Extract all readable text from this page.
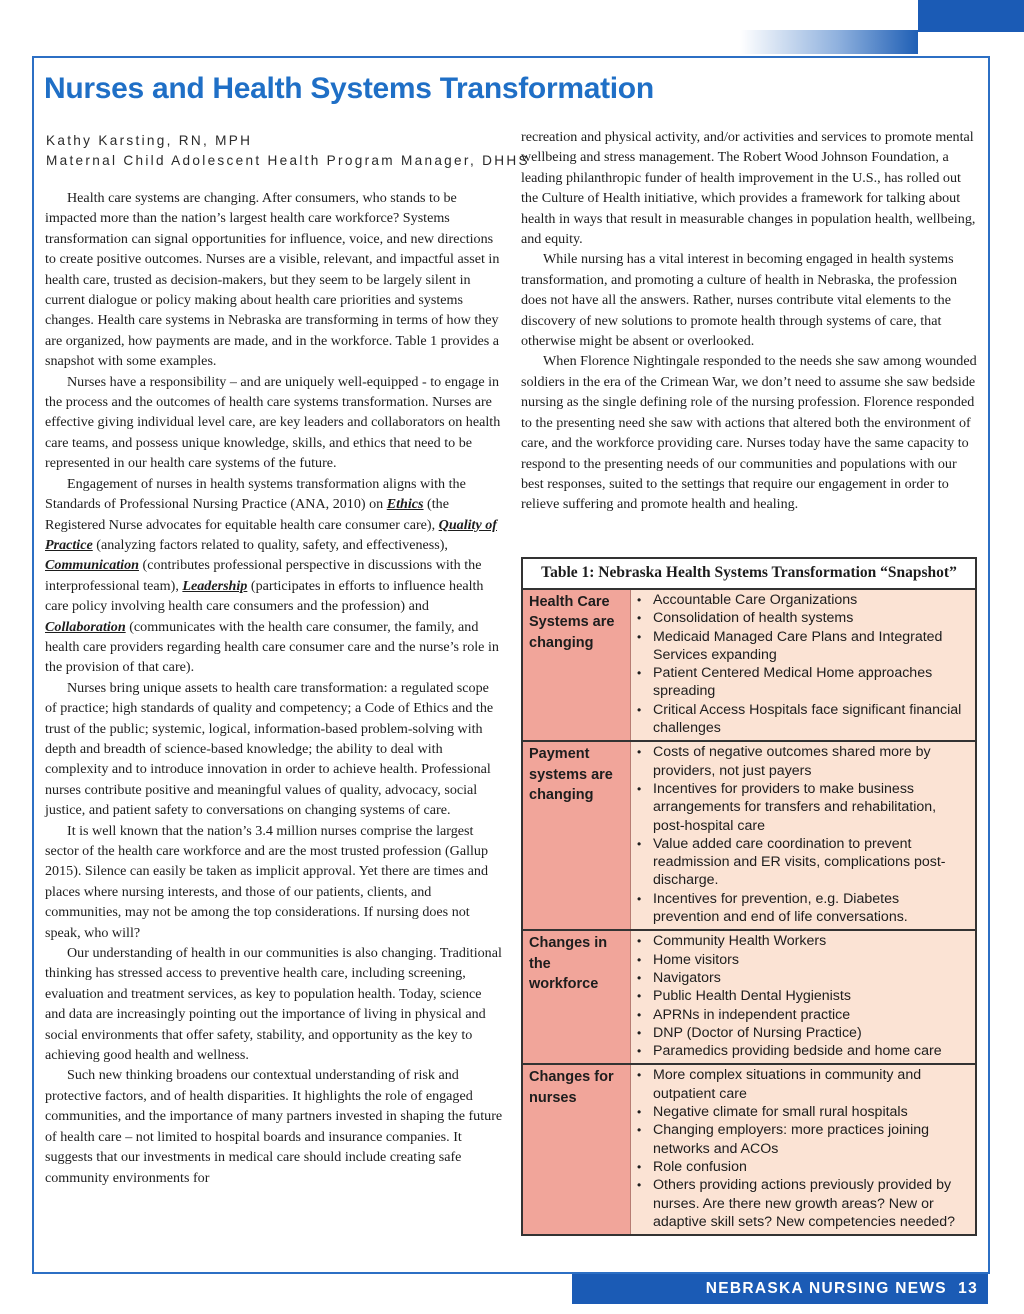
Nurses and Health Systems Transformation
Kathy Karsting, RN, MPH
Maternal Child Adolescent Health Program Manager, DHHS

Health care systems are changing. After consumers, who stands to be impacted more than the nation’s largest health care workforce? Systems transformation can signal opportunities for influence, voice, and new directions to create positive outcomes. Nurses are a visible, relevant, and impactful asset in health care, trusted as decision-makers, but they seem to be largely silent in current dialogue or policy making about health care priorities and systems changes. Health care systems in Nebraska are transforming in terms of how they are organized, how payments are made, and in the workforce. Table 1 provides a snapshot with some examples.

Nurses have a responsibility – and are uniquely well-equipped - to engage in the process and the outcomes of health care systems transformation. Nurses are effective giving individual level care, are key leaders and collaborators on health care teams, and possess unique knowledge, skills, and ethics that need to be represented in our health care systems of the future.

Engagement of nurses in health systems transformation aligns with the Standards of Professional Nursing Practice (ANA, 2010) on Ethics (the Registered Nurse advocates for equitable health care consumer care), Quality of Practice (analyzing factors related to quality, safety, and effectiveness), Communication (contributes professional perspective in discussions with the interprofessional team), Leadership (participates in efforts to influence health care policy involving health care consumers and the profession) and Collaboration (communicates with the health care consumer, the family, and health care providers regarding health care consumer care and the nurse’s role in the provision of that care).

Nurses bring unique assets to health care transformation: a regulated scope of practice; high standards of quality and competency; a Code of Ethics and the trust of the public; systemic, logical, information-based problem-solving with depth and breadth of science-based knowledge; the ability to deal with complexity and to introduce innovation in order to achieve health. Professional nurses contribute positive and meaningful values of quality, advocacy, social justice, and patient safety to conversations on changing systems of care.

It is well known that the nation’s 3.4 million nurses comprise the largest sector of the health care workforce and are the most trusted profession (Gallup 2015). Silence can easily be taken as implicit approval. Yet there are times and places where nursing interests, and those of our patients, clients, and communities, may not be among the top considerations. If nursing does not speak, who will?

Our understanding of health in our communities is also changing. Traditional thinking has stressed access to preventive health care, including screening, evaluation and treatment services, as key to population health. Today, science and data are increasingly pointing out the importance of living in physical and social environments that offer safety, stability, and opportunity as the key to achieving good health and wellness.

Such new thinking broadens our contextual understanding of risk and protective factors, and of health disparities. It highlights the role of engaged communities, and the importance of many partners invested in shaping the future of health care – not limited to hospital boards and insurance companies. It suggests that our investments in medical care should include creating safe community environments for

recreation and physical activity, and/or activities and services to promote mental wellbeing and stress management. The Robert Wood Johnson Foundation, a leading philanthropic funder of health improvement in the U.S., has rolled out the Culture of Health initiative, which provides a framework for talking about health in ways that result in measurable changes in population health, wellbeing, and equity.

While nursing has a vital interest in becoming engaged in health systems transformation, and promoting a culture of health in Nebraska, the profession does not have all the answers. Rather, nurses contribute vital elements to the discovery of new solutions to promote health through systems of care, that otherwise might be absent or overlooked.

When Florence Nightingale responded to the needs she saw among wounded soldiers in the era of the Crimean War, we don’t need to assume she saw bedside nursing as the single defining role of the nursing profession. Florence responded to the presenting need she saw with actions that altered both the environment of care, and the workforce providing care. Nurses today have the same capacity to respond to the presenting needs of our communities and populations with our best responses, suited to the settings that require our engagement in order to relieve suffering and promote health and healing.

Table 1: Nebraska Health Systems Transformation “Snapshot”
Health Care Systems are changing
• Accountable Care Organizations
• Consolidation of health systems
• Medicaid Managed Care Plans and Integrated Services expanding
• Patient Centered Medical Home approaches spreading
• Critical Access Hospitals face significant financial challenges
Payment systems are changing
• Costs of negative outcomes shared more by providers, not just payers
• Incentives for providers to make business arrangements for transfers and rehabilitation, post-hospital care
• Value added care coordination to prevent readmission and ER visits, complications post-discharge.
• Incentives for prevention, e.g. Diabetes prevention and end of life conversations.
Changes in the workforce
• Community Health Workers
• Home visitors
• Navigators
• Public Health Dental Hygienists
• APRNs in independent practice
• DNP (Doctor of Nursing Practice)
• Paramedics providing bedside and home care
Changes for nurses
• More complex situations in community and outpatient care
• Negative climate for small rural hospitals
• Changing employers: more practices joining networks and ACOs
• Role confusion
• Others providing actions previously provided by nurses. Are there new growth areas? New or adaptive skill sets? New competencies needed?
NEBRASKA NURSING NEWS 13
